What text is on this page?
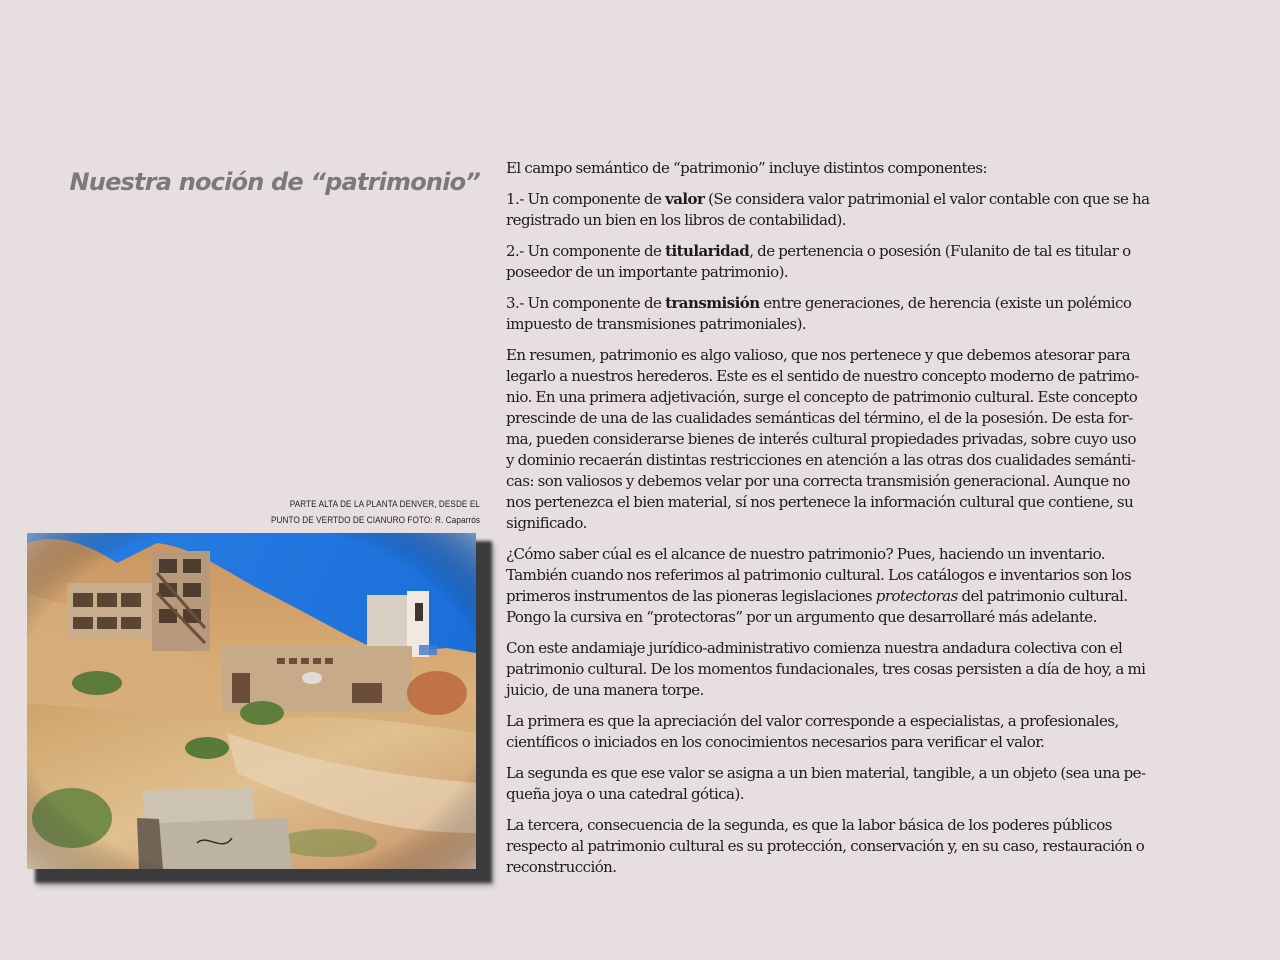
Nuestra noción de “patrimonio”
PARTE ALTA DE LA PLANTA DENVER, DESDE EL
PUNTO DE VERTDO DE CIANURO FOTO: R. Caparrós

El campo semántico de “patrimonio” incluye distintos componentes:

1.- Un componente de valor (Se considera valor patrimonial el valor contable con que se ha
registrado un bien en los libros de contabilidad).

2.- Un componente de titularidad, de pertenencia o posesión (Fulanito de tal es titular o
poseedor de un importante patrimonio).

3.- Un componente de transmisión entre generaciones, de herencia (existe un polémico
impuesto de transmisiones patrimoniales).

En resumen, patrimonio es algo valioso, que nos pertenece y que debemos atesorar para
legarlo a nuestros herederos. Este es el sentido de nuestro concepto moderno de patrimo-
nio. En una primera adjetivación, surge el concepto de patrimonio cultural. Este concepto
prescinde de una de las cualidades semánticas del término, el de la posesión. De esta for-
ma, pueden considerarse bienes de interés cultural propiedades privadas, sobre cuyo uso
y dominio recaerán distintas restricciones en atención a las otras dos cualidades semánti-
cas: son valiosos y debemos velar por una correcta transmisión generacional. Aunque no
nos pertenezca el bien material, sí nos pertenece la información cultural que contiene, su
significado.

¿Cómo saber cúal es el alcance de nuestro patrimonio? Pues, haciendo un inventario.
También cuando nos referimos al patrimonio cultural. Los catálogos e inventarios son los
primeros instrumentos de las pioneras legislaciones protectoras del patrimonio cultural.
Pongo la cursiva en “protectoras” por un argumento que desarrollaré más adelante.

Con este andamiaje jurídico-administrativo comienza nuestra andadura colectiva con el
patrimonio cultural. De los momentos fundacionales, tres cosas persisten a día de hoy, a mi
juicio, de una manera torpe.

La primera es que la apreciación del valor corresponde a especialistas, a profesionales,
científicos o iniciados en los conocimientos necesarios para verificar el valor.

La segunda es que ese valor se asigna a un bien material, tangible, a un objeto (sea una pe-
queña joya o una catedral gótica).

La tercera, consecuencia de la segunda, es que la labor básica de los poderes públicos
respecto al patrimonio cultural es su protección, conservación y, en su caso, restauración o
reconstrucción.
